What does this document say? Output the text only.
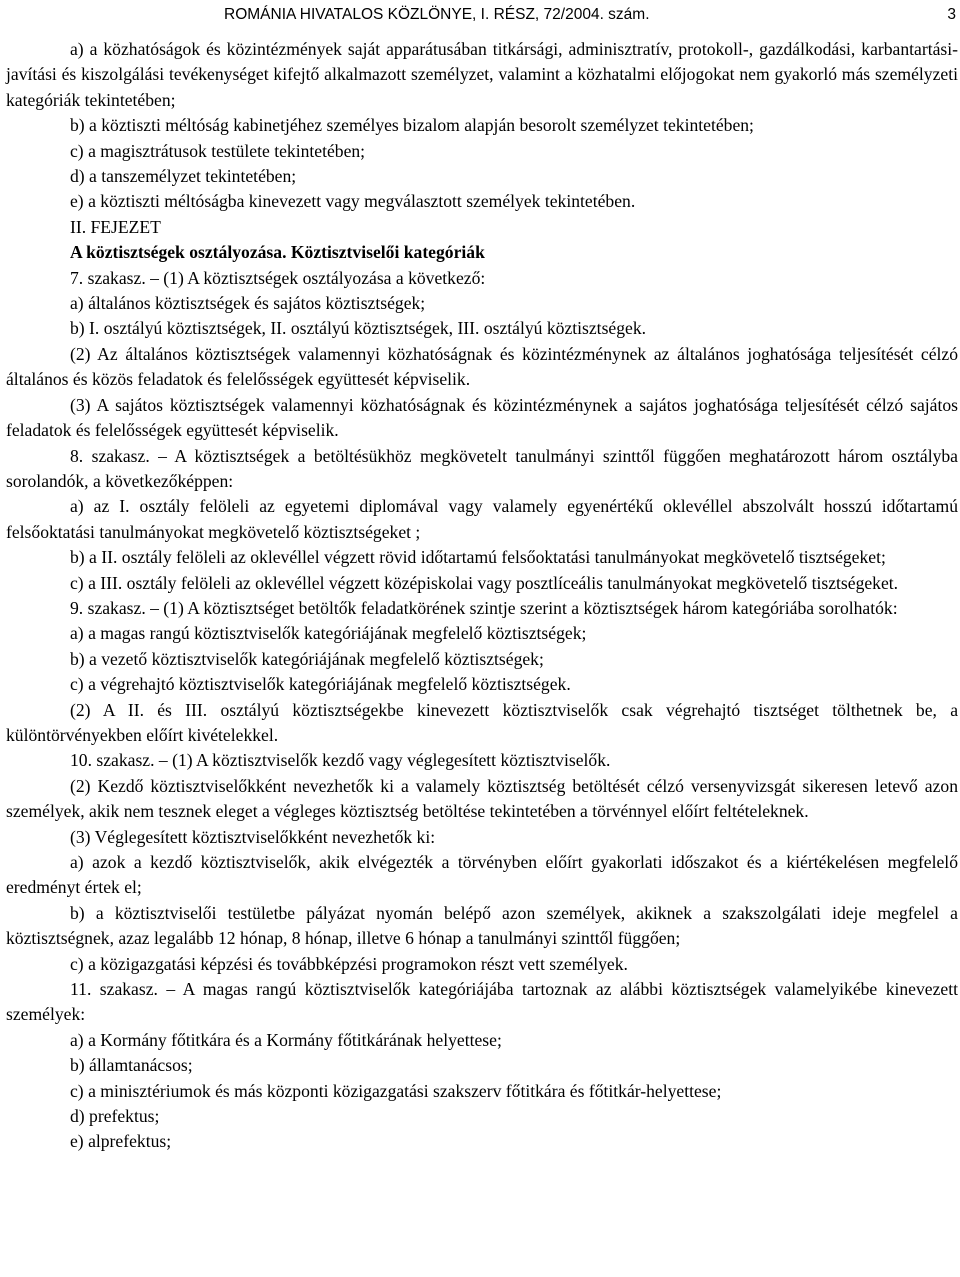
ROMÁNIA HIVATALOS KÖZLÖNYE, I. RÉSZ, 72/2004. szám.	3

a) a közhatóságok és közintézmények saját apparátusában titkársági, adminisztratív, protokoll-, gazdálkodási, karbantartási-javítási és kiszolgálási tevékenységet kifejtő alkalmazott személyzet, valamint a közhatalmi előjogokat nem gyakorló más személyzeti kategóriák tekintetében;

b) a köztiszti méltóság kabinetjéhez személyes bizalom alapján besorolt személyzet tekintetében;

c) a magisztrátusok testülete tekintetében;

d) a tanszemélyzet tekintetében;

e) a köztiszti méltóságba kinevezett vagy megválasztott személyek tekintetében.

II. FEJEZET

A köztisztségek osztályozása. Köztisztviselői kategóriák

7. szakasz. – (1) A köztisztségek osztályozása a következő:

a) általános köztisztségek és sajátos köztisztségek;

b) I. osztályú köztisztségek, II. osztályú köztisztségek, III. osztályú köztisztségek.

(2) Az általános köztisztségek valamennyi közhatóságnak és közintézménynek az általános joghatósága teljesítését célzó általános és közös feladatok és felelősségek együttesét képviselik.

(3) A sajátos köztisztségek valamennyi közhatóságnak és közintézménynek a sajátos joghatósága teljesítését célzó sajátos feladatok és felelősségek együttesét képviselik.

8. szakasz. – A köztisztségek a betöltésükhöz megkövetelt tanulmányi szinttől függően meghatározott három osztályba sorolandók, a következőképpen:

a) az I. osztály felöleli az egyetemi diplomával vagy valamely egyenértékű oklevéllel abszolvált hosszú időtartamú felsőoktatási tanulmányokat megkövetelő köztisztségeket ;

b) a II. osztály felöleli az oklevéllel végzett rövid időtartamú felsőoktatási tanulmányokat megkövetelő tisztségeket;

c) a III. osztály felöleli az oklevéllel végzett középiskolai vagy posztlíceális tanulmányokat megkövetelő tisztségeket.

9. szakasz. – (1) A köztisztséget betöltők feladatkörének szintje szerint a köztisztségek három kategóriába sorolhatók:

a) a magas rangú köztisztviselők kategóriájának megfelelő köztisztségek;

b) a vezető köztisztviselők kategóriájának megfelelő köztisztségek;

c) a végrehajtó köztisztviselők kategóriájának megfelelő köztisztségek.

(2) A II. és III. osztályú köztisztségekbe kinevezett köztisztviselők csak végrehajtó tisztséget tölthetnek be, a különtörvényekben előírt kivételekkel.

10. szakasz. – (1) A köztisztviselők kezdő vagy véglegesített köztisztviselők.

(2) Kezdő köztisztviselőkként nevezhetők ki a valamely köztisztség betöltését célzó versenyvizsgát sikeresen letevő azon személyek, akik nem tesznek eleget a végleges köztisztség betöltése tekintetében a törvénnyel előírt feltételeknek.

(3) Véglegesített köztisztviselőkként nevezhetők ki:

a) azok a kezdő köztisztviselők, akik elvégezték a törvényben előírt gyakorlati időszakot és a kiértékelésen megfelelő eredményt értek el;

b) a köztisztviselői testületbe pályázat nyomán belépő azon személyek, akiknek a szakszolgálati ideje megfelel a köztisztségnek, azaz legalább 12 hónap, 8 hónap, illetve 6 hónap a tanulmányi szinttől függően;

c) a közigazgatási képzési és továbbképzési programokon részt vett személyek.

11. szakasz. – A magas rangú köztisztviselők kategóriájába tartoznak az alábbi köztisztségek valamelyikébe kinevezett személyek:

a) a Kormány főtitkára és a Kormány főtitkárának helyettese;

b) államtanácsos;

c) a minisztériumok és más központi közigazgatási szakszerv főtitkára és főtitkár-helyettese;

d) prefektus;

e) alprefektus;
